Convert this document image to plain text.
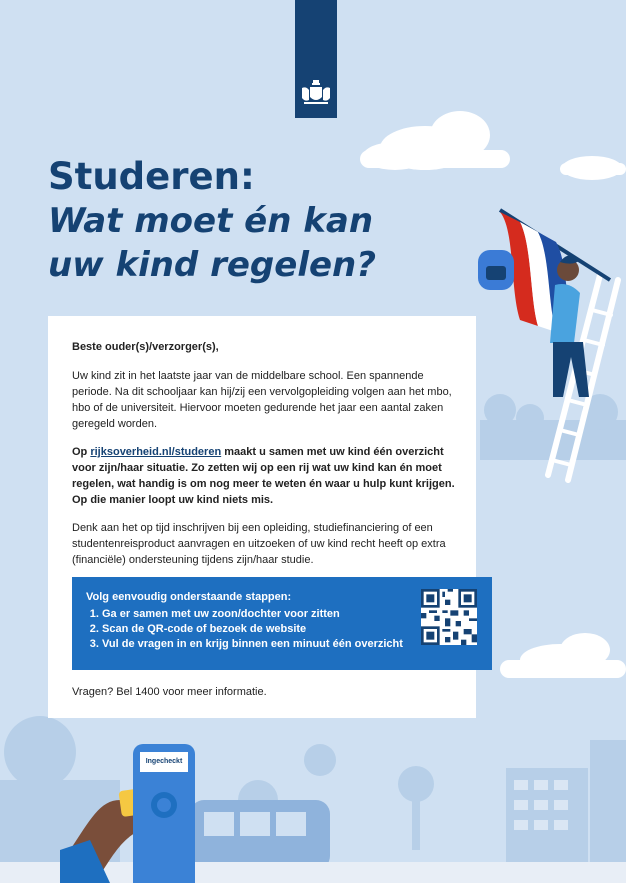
Studeren:
Wat moet én kan
uw kind regelen?

Beste ouder(s)/verzorger(s),

Uw kind zit in het laatste jaar van de middelbare school. Een spannende periode. Na dit schooljaar kan hij/zij een vervolgopleiding volgen aan het mbo, hbo of de universiteit. Hiervoor moeten gedurende het jaar een aantal zaken geregeld worden.

Op rijksoverheid.nl/studeren maakt u samen met uw kind één overzicht voor zijn/haar situatie. Zo zetten wij op een rij wat uw kind kan én moet regelen, wat handig is om nog meer te weten én waar u hulp kunt krijgen. Op die manier loopt uw kind niets mis.

Denk aan het op tijd inschrijven bij een opleiding, studiefinanciering of een studentenreisproduct aanvragen en uitzoeken of uw kind recht heeft op extra (financiële) ondersteuning tijdens zijn/haar studie.

Volg eenvoudig onderstaande stappen:
1. Ga er samen met uw zoon/dochter voor zitten
2. Scan de QR-code of bezoek de website
3. Vul de vragen in en krijg binnen een minuut één overzicht

Vragen? Bel 1400 voor meer informatie.

Ingecheckt
